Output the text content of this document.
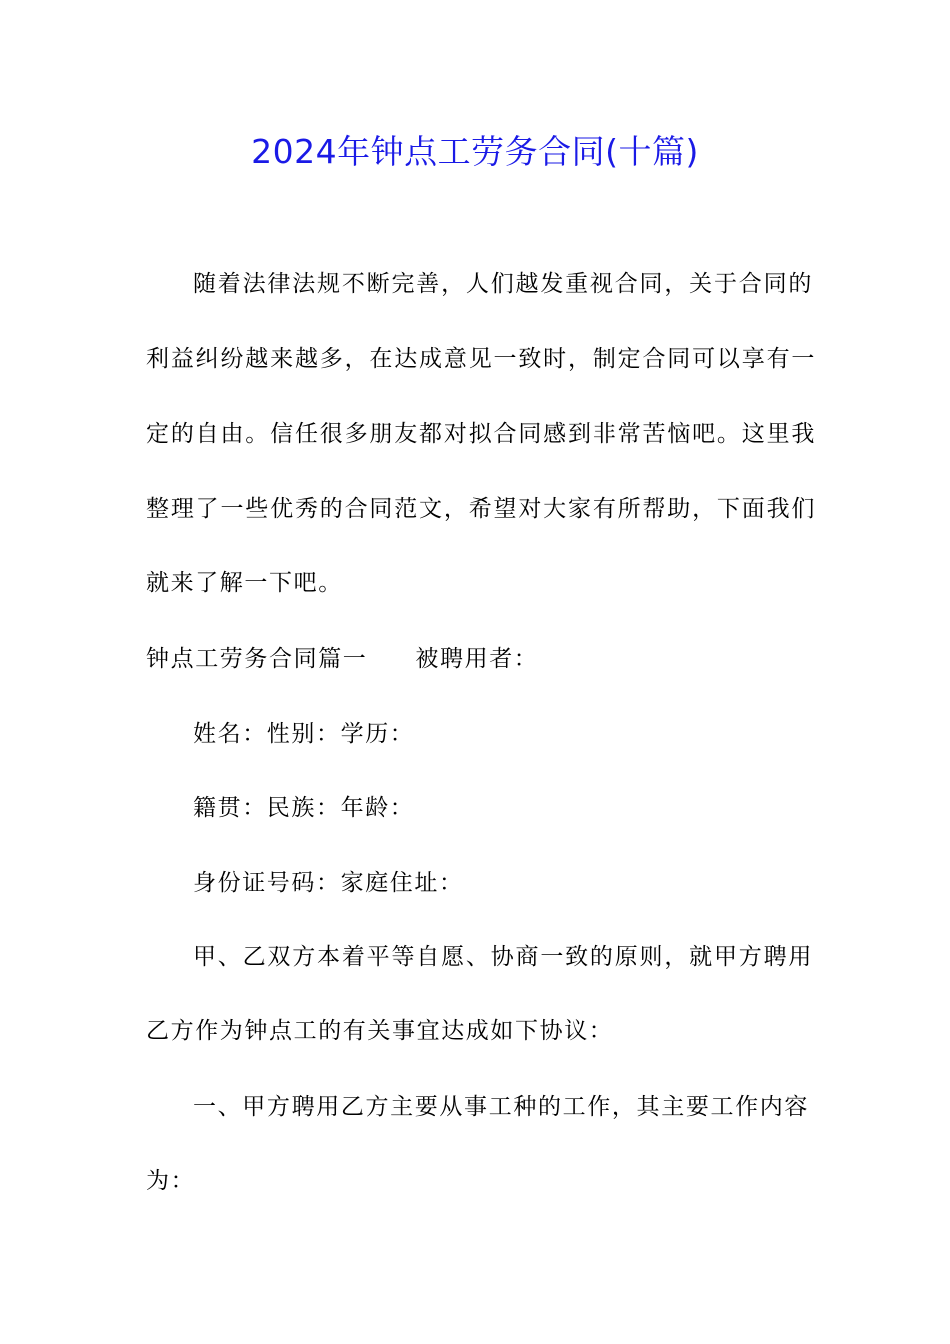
2024年钟点工劳务合同(十篇)
随着法律法规不断完善，人们越发重视合同，关于合同的
利益纠纷越来越多，在达成意见一致时，制定合同可以享有一
定的自由。信任很多朋友都对拟合同感到非常苦恼吧。这里我
整理了一些优秀的合同范文，希望对大家有所帮助，下面我们
就来了解一下吧。
钟点工劳务合同篇一 被聘用者：
姓名：性别：学历：
籍贯：民族：年龄：
身份证号码：家庭住址：
甲、乙双方本着平等自愿、协商一致的原则，就甲方聘用
乙方作为钟点工的有关事宜达成如下协议：
一、甲方聘用乙方主要从事工种的工作，其主要工作内容
为：
